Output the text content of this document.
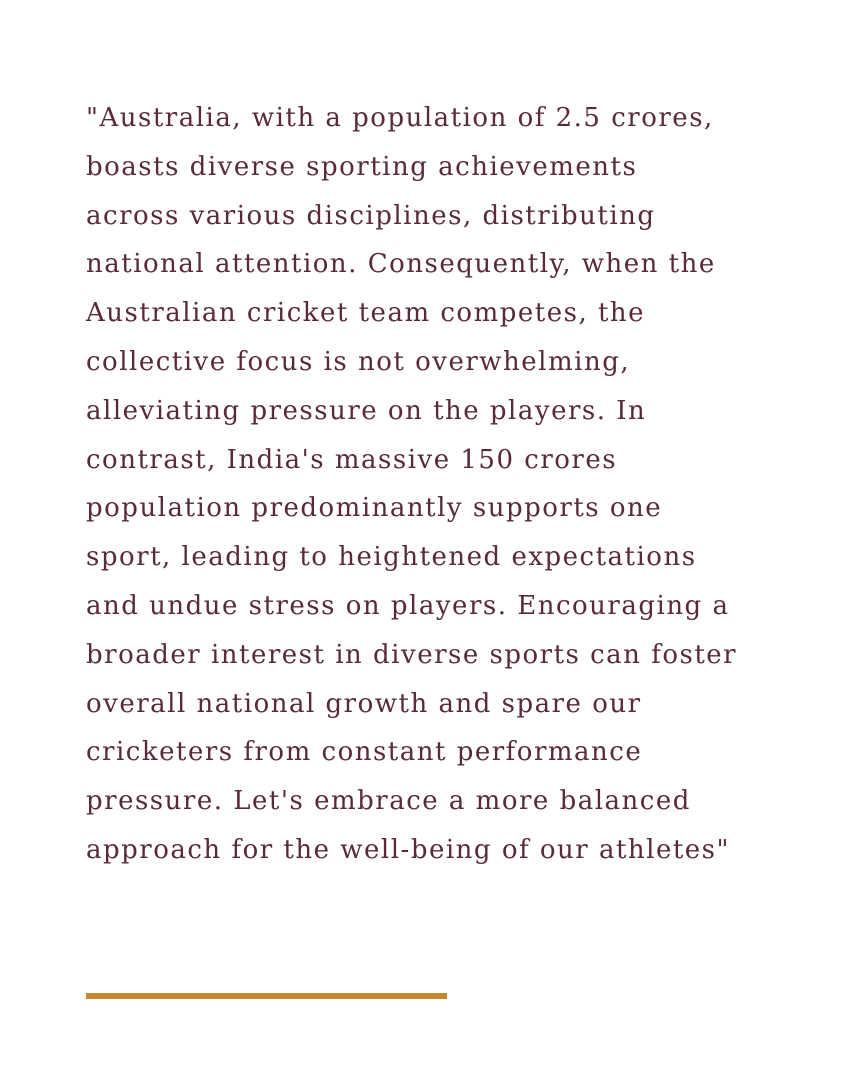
"Australia, with a population of 2.5 crores,
boasts diverse sporting achievements
across various disciplines, distributing
national attention. Consequently, when the
Australian cricket team competes, the
collective focus is not overwhelming,
alleviating pressure on the players. In
contrast, India's massive 150 crores
population predominantly supports one
sport, leading to heightened expectations
and undue stress on players. Encouraging a
broader interest in diverse sports can foster
overall national growth and spare our
cricketers from constant performance
pressure. Let's embrace a more balanced
approach for the well-being of our athletes"
